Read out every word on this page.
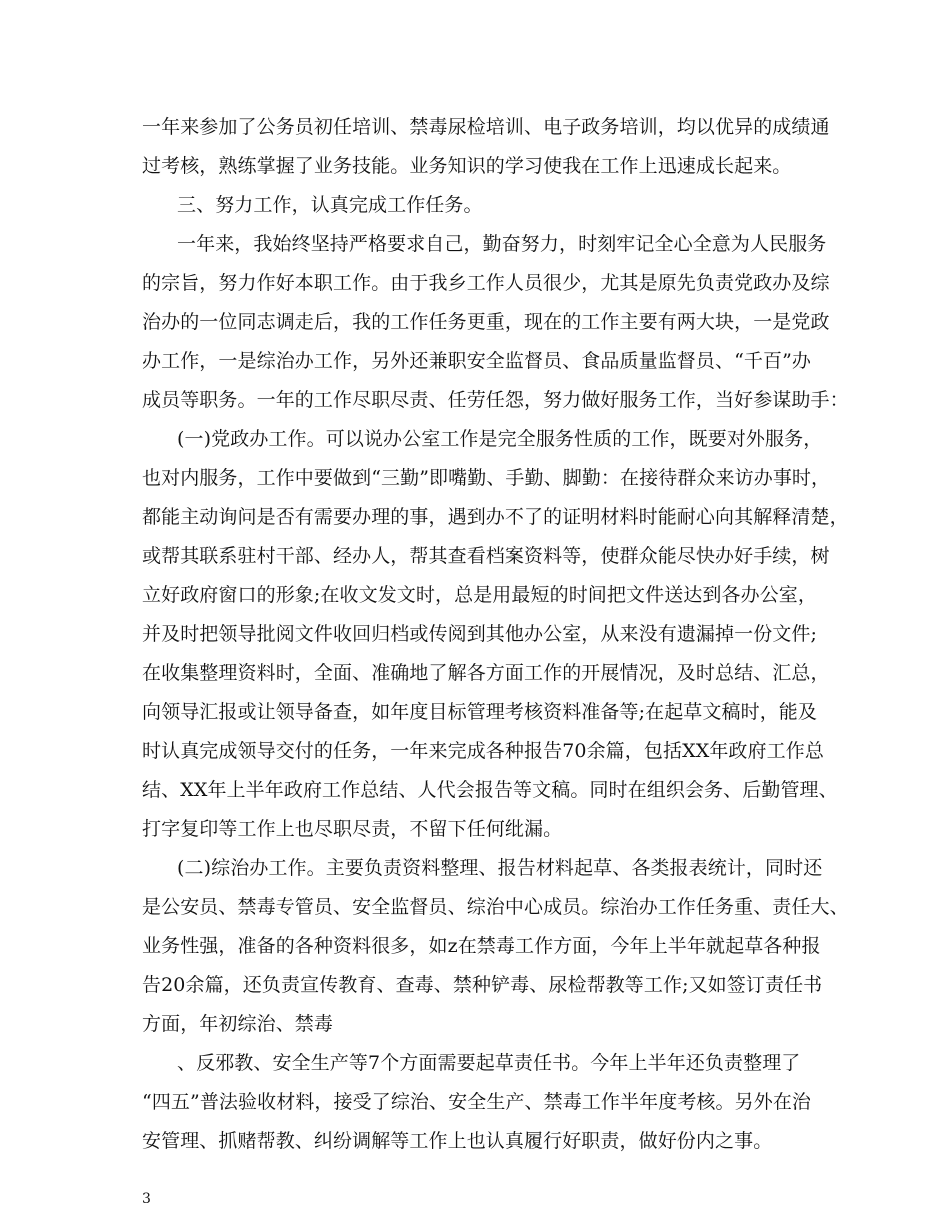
一年来参加了公务员初任培训、禁毒尿检培训、电子政务培训，均以优异的成绩通
过考核，熟练掌握了业务技能。业务知识的学习使我在工作上迅速成长起来。
三、努力工作，认真完成工作任务。
一年来，我始终坚持严格要求自己，勤奋努力，时刻牢记全心全意为人民服务
的宗旨，努力作好本职工作。由于我乡工作人员很少，尤其是原先负责党政办及综
治办的一位同志调走后，我的工作任务更重，现在的工作主要有两大块，一是党政
办工作，一是综治办工作，另外还兼职安全监督员、食品质量监督员、“千百”办
成员等职务。一年的工作尽职尽责、任劳任怨，努力做好服务工作，当好参谋助手：
(一)党政办工作。可以说办公室工作是完全服务性质的工作，既要对外服务，
也对内服务，工作中要做到“三勤”即嘴勤、手勤、脚勤：在接待群众来访办事时，
都能主动询问是否有需要办理的事，遇到办不了的证明材料时能耐心向其解释清楚，
或帮其联系驻村干部、经办人，帮其查看档案资料等，使群众能尽快办好手续，树
立好政府窗口的形象;在收文发文时，总是用最短的时间把文件送达到各办公室，
并及时把领导批阅文件收回归档或传阅到其他办公室，从来没有遗漏掉一份文件;
在收集整理资料时，全面、准确地了解各方面工作的开展情况，及时总结、汇总，
向领导汇报或让领导备查，如年度目标管理考核资料准备等;在起草文稿时，能及
时认真完成领导交付的任务，一年来完成各种报告70余篇，包括XX年政府工作总
结、XX年上半年政府工作总结、人代会报告等文稿。同时在组织会务、后勤管理、
打字复印等工作上也尽职尽责，不留下任何纰漏。
(二)综治办工作。主要负责资料整理、报告材料起草、各类报表统计，同时还
是公安员、禁毒专管员、安全监督员、综治中心成员。综治办工作任务重、责任大、
业务性强，准备的各种资料很多，如z在禁毒工作方面，今年上半年就起草各种报
告20余篇，还负责宣传教育、查毒、禁种铲毒、尿检帮教等工作;又如签订责任书
方面，年初综治、禁毒
、反邪教、安全生产等7个方面需要起草责任书。今年上半年还负责整理了
“四五”普法验收材料，接受了综治、安全生产、禁毒工作半年度考核。另外在治
安管理、抓赌帮教、纠纷调解等工作上也认真履行好职责，做好份内之事。
3
